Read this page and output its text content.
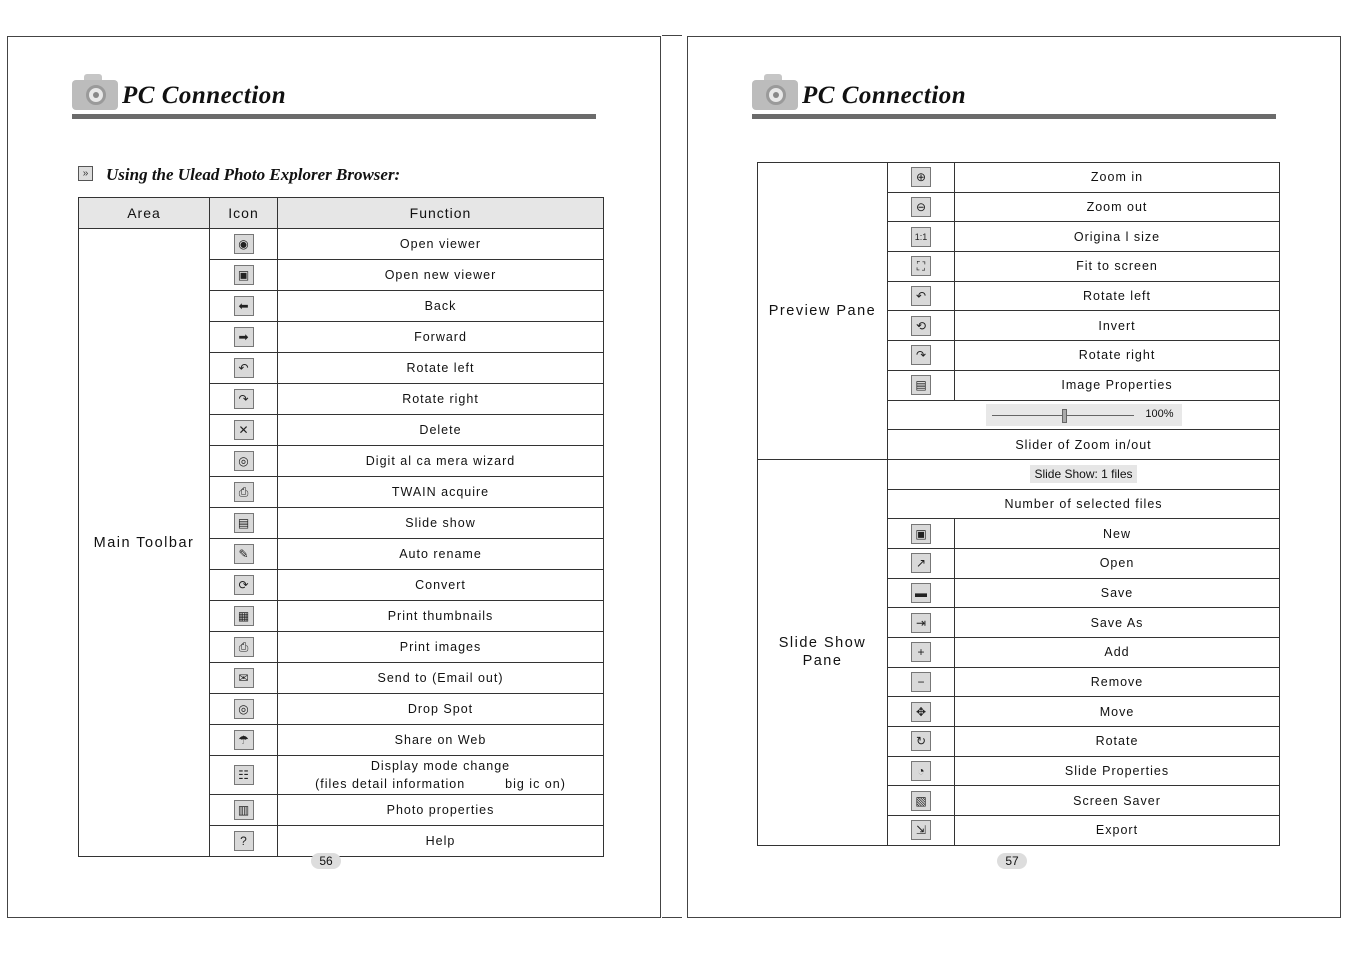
PC Connection
» Using the Ulead Photo Explorer Browser:
Area	Icon	Function
Main Toolbar	◉	Open viewer
	▣	Open new viewer
	⬅	Back
	➡	Forward
	↶	Rotate left
	↷	Rotate right
	✕	Delete
	◎	Digit al ca mera wizard
	⎙	TWAIN acquire
	▤	Slide show
	✎	Auto rename
	⟳	Convert
	▦	Print thumbnails
	⎙	Print images
	✉	Send to (Email out)
	◎	Drop Spot
	☂	Share on Web
	☷	Display mode change
(files detail information big ic on)

	▥	Photo properties
	?	Help
56
PC Connection
Preview Pane	⊕	Zoom in
	⊖	Zoom out
	1:1	Origina l size
	⛶	Fit to screen
	↶	Rotate left
	⟲	Invert
	↷	Rotate right
	▤	Image Properties

	100%	

	Slider of Zoom in/out	

Slide Show
Pane	Slide Show: 1 files	
	Number of selected files	
	▣	New
	↗	Open
	▬	Save
	⇥	Save As
	+	Add
	−	Remove
	✥	Move
	↻	Rotate
	◔	Slide Properties
	▧	Screen Saver
	⇲	Export
57
